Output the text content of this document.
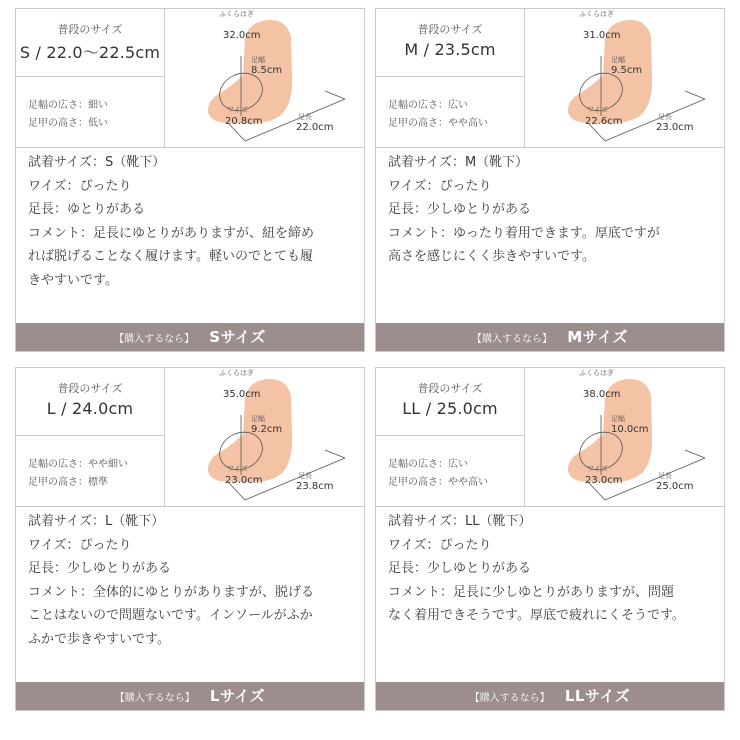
普段のサイズ
S / 22.0〜22.5cm
足幅の広さ：細い
足甲の高さ：低い
ふくらはぎ
32.0cm
足幅
8.5cm
ワイズ
20.8cm	足長
22.0cm
試着サイズ：S（靴下）
ワイズ：ぴったり
足長：ゆとりがある
コメント：足長にゆとりがありますが、紐を締め
れば脱げることなく履けます。軽いのでとても履
きやすいです。
【購入するなら】 Sサイズ
普段のサイズ
M / 23.5cm
足幅の広さ：広い
足甲の高さ：やや高い
ふくらはぎ
31.0cm
足幅
9.5cm
ワイズ
22.6cm	足長
23.0cm
試着サイズ：M（靴下）
ワイズ：ぴったり
足長：少しゆとりがある
コメント：ゆったり着用できます。厚底ですが
高さを感じにくく歩きやすいです。
【購入するなら】 Mサイズ
普段のサイズ
L / 24.0cm
足幅の広さ：やや細い
足甲の高さ：標準
ふくらはぎ
35.0cm
足幅
9.2cm
ワイズ
23.0cm	足長
23.8cm
試着サイズ：L（靴下）
ワイズ：ぴったり
足長：少しゆとりがある
コメント：全体的にゆとりがありますが、脱げる
ことはないので問題ないです。インソールがふか
ふかで歩きやすいです。
【購入するなら】 Lサイズ
普段のサイズ
LL / 25.0cm
足幅の広さ：広い
足甲の高さ：やや高い
ふくらはぎ
38.0cm
足幅
10.0cm
ワイズ
23.0cm	足長
25.0cm
試着サイズ：LL（靴下）
ワイズ：ぴったり
足長：少しゆとりがある
コメント：足長に少しゆとりがありますが、問題
なく着用できそうです。厚底で疲れにくそうです。
【購入するなら】 LLサイズ
